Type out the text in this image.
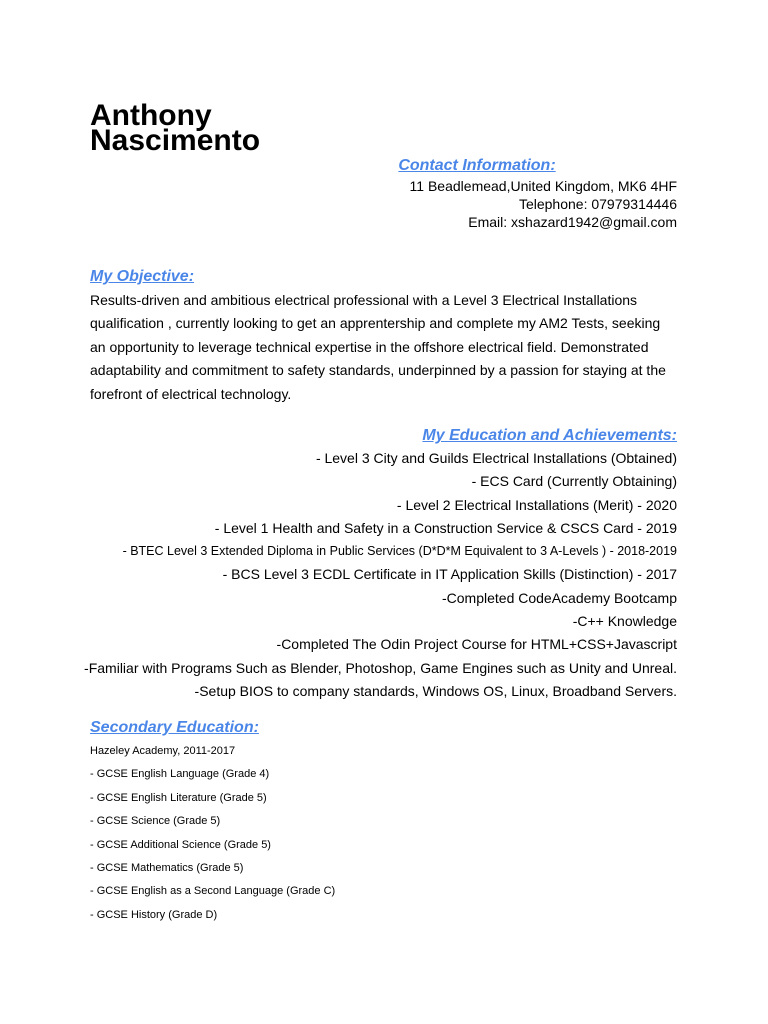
Anthony
Nascimento
Contact Information:
11 Beadlemead,United Kingdom, MK6 4HF
Telephone: 07979314446
Email: xshazard1942@gmail.com
My Objective:

Results-driven and ambitious electrical professional with a Level 3 Electrical Installations qualification , currently looking to get an apprentership and complete my AM2 Tests, seeking an opportunity to leverage technical expertise in the offshore electrical field. Demonstrated adaptability and commitment to safety standards, underpinned by a passion for staying at the forefront of electrical technology.

My Education and Achievements:
- Level 3 City and Guilds Electrical Installations (Obtained)
- ECS Card (Currently Obtaining)
- Level 2 Electrical Installations (Merit) - 2020
- Level 1 Health and Safety in a Construction Service & CSCS Card - 2019
- BTEC Level 3 Extended Diploma in Public Services (D*D*M Equivalent to 3 A-Levels ) - 2018-2019
- BCS Level 3 ECDL Certificate in IT Application Skills (Distinction) - 2017
-Completed CodeAcademy Bootcamp
-C++ Knowledge
-Completed The Odin Project Course for HTML+CSS+Javascript
-Familiar with Programs Such as Blender, Photoshop, Game Engines such as Unity and Unreal.
-Setup BIOS to company standards, Windows OS, Linux, Broadband Servers.
Secondary Education:
Hazeley Academy, 2011-2017
- GCSE English Language (Grade 4)
- GCSE English Literature (Grade 5)
- GCSE Science (Grade 5)
- GCSE Additional Science (Grade 5)
- GCSE Mathematics (Grade 5)
- GCSE English as a Second Language (Grade C)
- GCSE History (Grade D)
